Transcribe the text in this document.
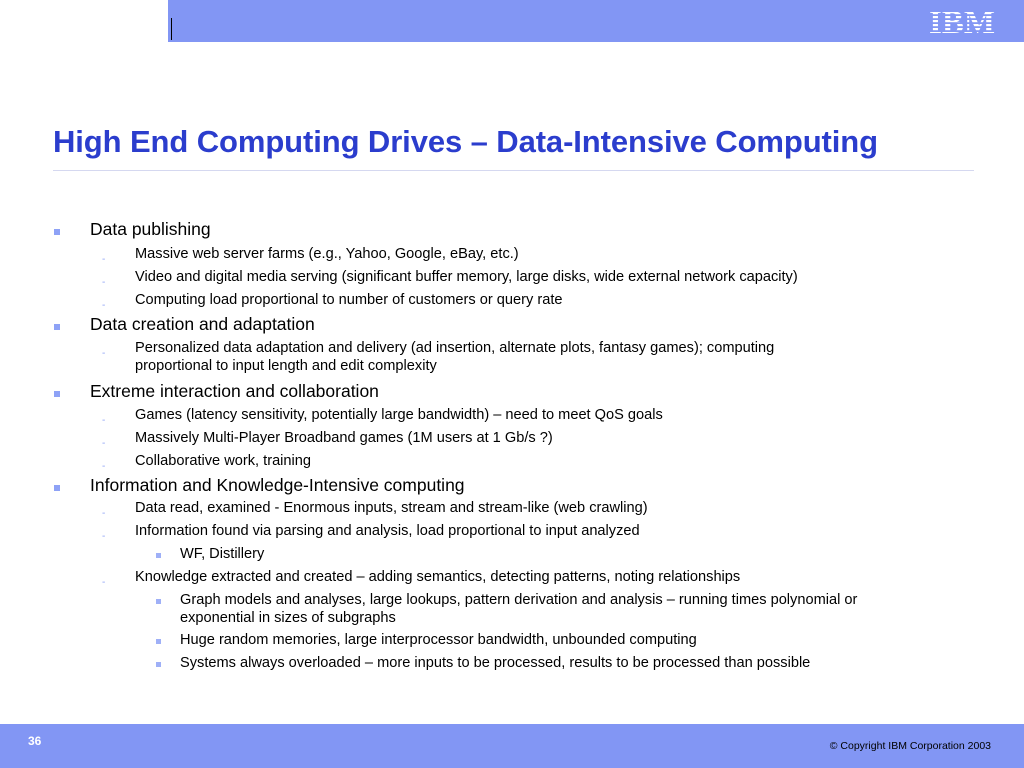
IBM
High End Computing Drives – Data-Intensive Computing
Data publishing
- Massive web server farms (e.g., Yahoo, Google, eBay, etc.)
- Video and digital media serving (significant buffer memory, large disks, wide external network capacity)
- Computing load proportional to number of customers or query rate
Data creation and adaptation
- Personalized data adaptation and delivery (ad insertion, alternate plots, fantasy games); computing
proportional to input length and edit complexity
Extreme interaction and collaboration
- Games (latency sensitivity, potentially large bandwidth) – need to meet QoS goals
- Massively Multi-Player Broadband games (1M users at 1 Gb/s ?)
- Collaborative work, training
Information and Knowledge-Intensive computing
- Data read, examined - Enormous inputs, stream and stream-like (web crawling)
- Information found via parsing and analysis, load proportional to input analyzed
WF, Distillery
- Knowledge extracted and created – adding semantics, detecting patterns, noting relationships
Graph models and analyses, large lookups, pattern derivation and analysis – running times polynomial or
exponential in sizes of subgraphs
Huge random memories, large interprocessor bandwidth, unbounded computing
Systems always overloaded – more inputs to be processed, results to be processed than possible
36	© Copyright IBM Corporation 2003
